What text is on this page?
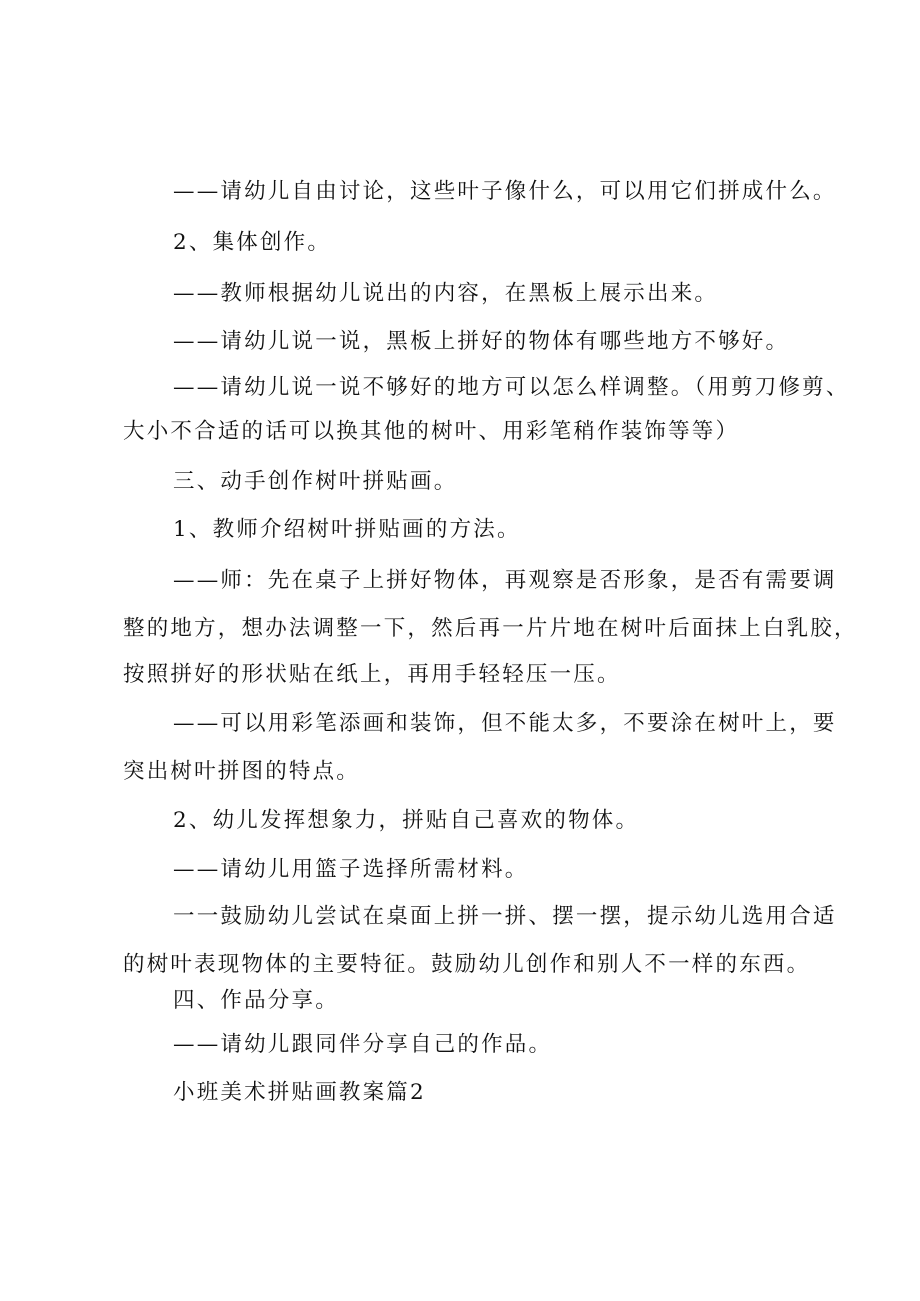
——请幼儿自由讨论，这些叶子像什么，可以用它们拼成什么。
2、集体创作。
——教师根据幼儿说出的内容，在黑板上展示出来。
——请幼儿说一说，黑板上拼好的物体有哪些地方不够好。
——请幼儿说一说不够好的地方可以怎么样调整。（用剪刀修剪、
大小不合适的话可以换其他的树叶、用彩笔稍作装饰等等）
三、动手创作树叶拼贴画。
1、教师介绍树叶拼贴画的方法。
——师：先在桌子上拼好物体，再观察是否形象，是否有需要调
整的地方，想办法调整一下，然后再一片片地在树叶后面抹上白乳胶，
按照拼好的形状贴在纸上，再用手轻轻压一压。
——可以用彩笔添画和装饰，但不能太多，不要涂在树叶上，要
突出树叶拼图的特点。
2、幼儿发挥想象力，拼贴自己喜欢的物体。
——请幼儿用篮子选择所需材料。
一一鼓励幼儿尝试在桌面上拼一拼、摆一摆，提示幼儿选用合适
的树叶表现物体的主要特征。鼓励幼儿创作和别人不一样的东西。
四、作品分享。
——请幼儿跟同伴分享自己的作品。
小班美术拼贴画教案篇2
